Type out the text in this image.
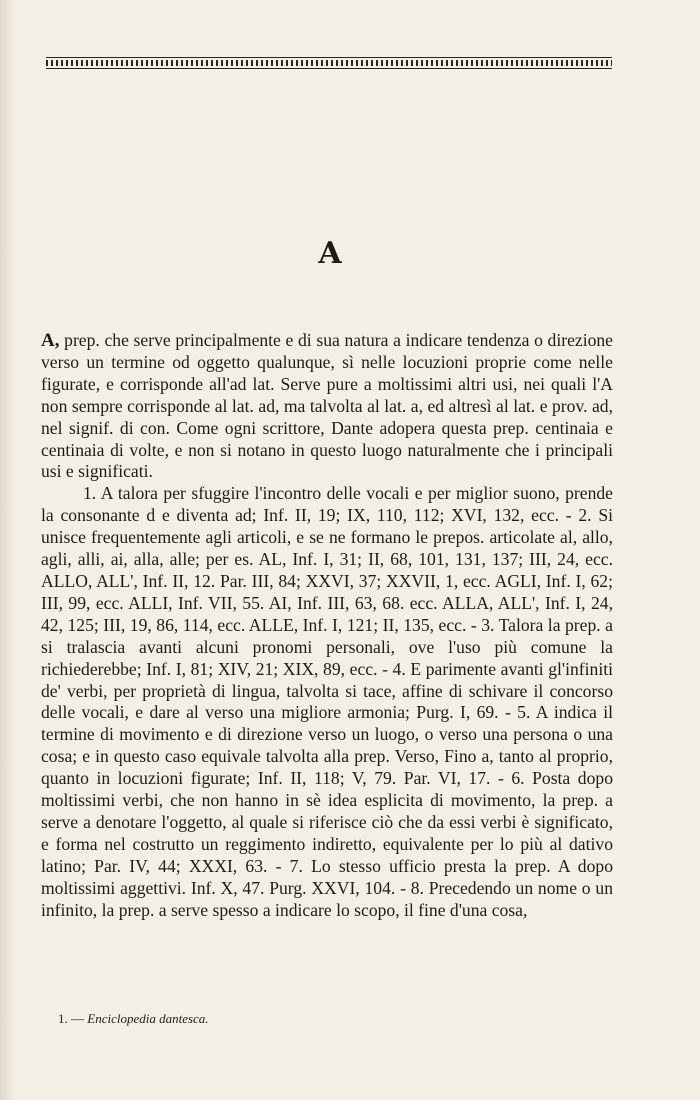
A

A, prep. che serve principalmente e di sua natura a indicare tendenza o direzione verso un termine od oggetto qualunque, sì nelle locuzioni proprie come nelle figurate, e corrisponde all'ad lat. Serve pure a moltissimi altri usi, nei quali l'A non sempre corrisponde al lat. ad, ma talvolta al lat. a, ed altresì al lat. e prov. ad, nel signif. di con. Come ogni scrittore, Dante adopera questa prep. centinaia e centinaia di volte, e non si notano in questo luogo naturalmente che i principali usi e significati.

1. A talora per sfuggire l'incontro delle vocali e per miglior suono, prende la consonante d e diventa ad; Inf. II, 19; IX, 110, 112; XVI, 132, ecc. - 2. Si unisce frequentemente agli articoli, e se ne formano le prepos. articolate al, allo, agli, alli, ai, alla, alle; per es. AL, Inf. I, 31; II, 68, 101, 131, 137; III, 24, ecc. ALLO, ALL', Inf. II, 12. Par. III, 84; XXVI, 37; XXVII, 1, ecc. AGLI, Inf. I, 62; III, 99, ecc. ALLI, Inf. VII, 55. AI, Inf. III, 63, 68. ecc. ALLA, ALL', Inf. I, 24, 42, 125; III, 19, 86, 114, ecc. ALLE, Inf. I, 121; II, 135, ecc. - 3. Talora la prep. a si tralascia avanti alcuni pronomi personali, ove l'uso più comune la richiederebbe; Inf. I, 81; XIV, 21; XIX, 89, ecc. - 4. E parimente avanti gl'infiniti de' verbi, per proprietà di lingua, talvolta si tace, affine di schivare il concorso delle vocali, e dare al verso una migliore armonia; Purg. I, 69. - 5. A indica il termine di movimento e di direzione verso un luogo, o verso una persona o una cosa; e in questo caso equivale talvolta alla prep. Verso, Fino a, tanto al proprio, quanto in locuzioni figurate; Inf. II, 118; V, 79. Par. VI, 17. - 6. Posta dopo moltissimi verbi, che non hanno in sè idea esplicita di movimento, la prep. a serve a denotare l'oggetto, al quale si riferisce ciò che da essi verbi è significato, e forma nel costrutto un reggimento indiretto, equivalente per lo più al dativo latino; Par. IV, 44; XXXI, 63. - 7. Lo stesso ufficio presta la prep. A dopo moltissimi aggettivi. Inf. X, 47. Purg. XXVI, 104. - 8. Precedendo un nome o un infinito, la prep. a serve spesso a indicare lo scopo, il fine d'una cosa,

1. — Enciclopedia dantesca.
